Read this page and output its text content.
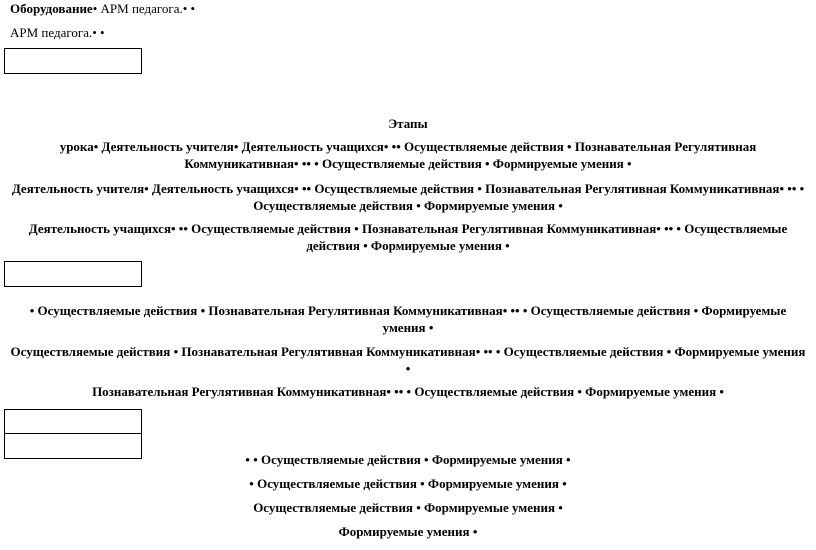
Оборудование• АРМ педагога.• •
АРМ педагога.• •
Этапы
урока• Деятельность учителя• Деятельность учащихся• •• Осуществляемые действия • Познавательная Регулятивная Коммуникативная• •• • Осуществляемые действия • Формируемые умения •
Деятельность учителя• Деятельность учащихся• •• Осуществляемые действия • Познавательная Регулятивная Коммуникативная• •• • Осуществляемые действия • Формируемые умения •
Деятельность учащихся• •• Осуществляемые действия • Познавательная Регулятивная Коммуникативная• •• • Осуществляемые действия • Формируемые умения •
• Осуществляемые действия • Познавательная Регулятивная Коммуникативная• •• • Осуществляемые действия • Формируемые умения •
Осуществляемые действия • Познавательная Регулятивная Коммуникативная• •• • Осуществляемые действия • Формируемые умения •
Познавательная Регулятивная Коммуникативная• •• • Осуществляемые действия • Формируемые умения •
• • Осуществляемые действия • Формируемые умения •
• Осуществляемые действия • Формируемые умения •
Осуществляемые действия • Формируемые умения •
Формируемые умения •
